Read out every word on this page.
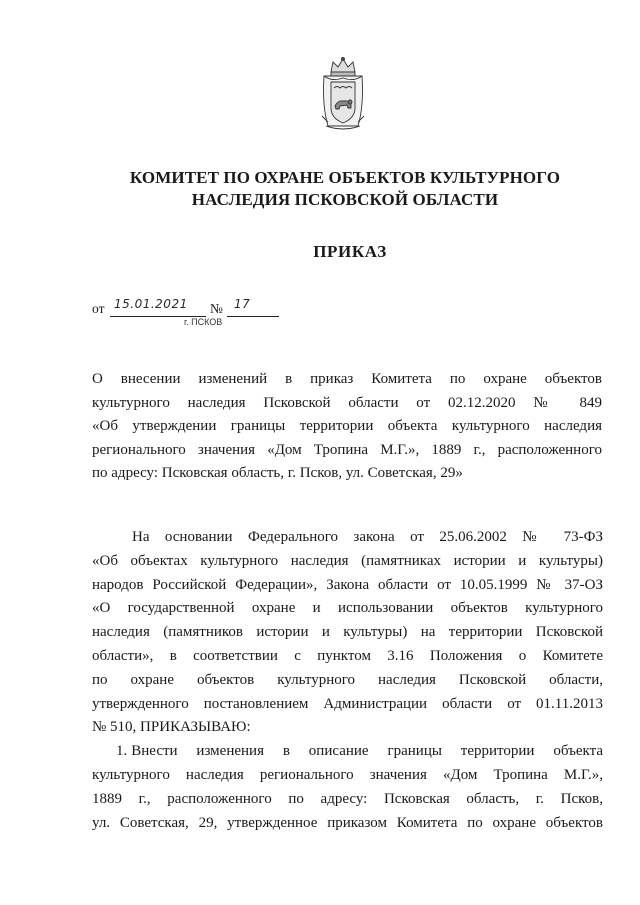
КОМИТЕТ ПО ОХРАНЕ ОБЪЕКТОВ КУЛЬТУРНОГО
НАСЛЕДИЯ ПСКОВСКОЙ ОБЛАСТИ
ПРИКАЗ
от 15.01.2021 № 17
г. ПСКОВ
О внесении изменений в приказ Комитета по охране объектов
культурного наследия Псковской области от 02.12.2020 № 849
«Об утверждении границы территории объекта культурного наследия
регионального значения «Дом Тропина М.Г.», 1889 г., расположенного
по адресу: Псковская область, г. Псков, ул. Советская, 29»
На основании Федерального закона от 25.06.2002 № 73-ФЗ
«Об объектах культурного наследия (памятниках истории и культуры)
народов Российской Федерации», Закона области от 10.05.1999 № 37-ОЗ
«О государственной охране и использовании объектов культурного
наследия (памятников истории и культуры) на территории Псковской
области», в соответствии с пунктом 3.16 Положения о Комитете
по охране объектов культурного наследия Псковской области,
утвержденного постановлением Администрации области от 01.11.2013
№ 510, ПРИКАЗЫВАЮ:
1. Внести изменения в описание границы территории объекта
культурного наследия регионального значения «Дом Тропина М.Г.»,
1889 г., расположенного по адресу: Псковская область, г. Псков,
ул. Советская, 29, утвержденное приказом Комитета по охране объектов
